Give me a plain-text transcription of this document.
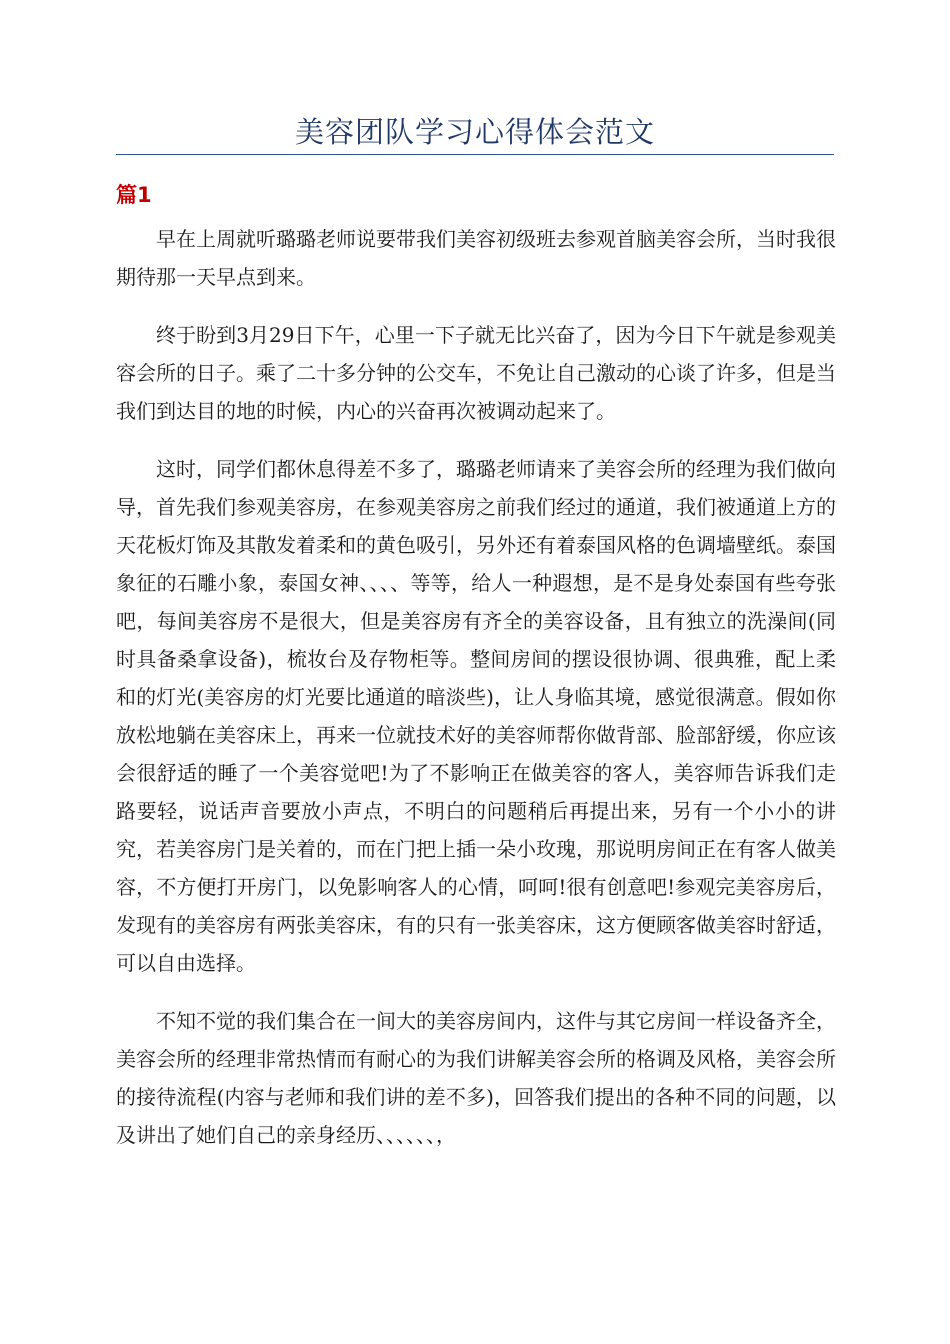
美容团队学习心得体会范文
篇1

早在上周就听璐璐老师说要带我们美容初级班去参观首脑美容会所，当时我很期待那一天早点到来。

终于盼到3月29日下午，心里一下子就无比兴奋了，因为今日下午就是参观美容会所的日子。乘了二十多分钟的公交车，不免让自己激动的心谈了许多，但是当我们到达目的地的时候，内心的兴奋再次被调动起来了。

这时，同学们都休息得差不多了，璐璐老师请来了美容会所的经理为我们做向导，首先我们参观美容房，在参观美容房之前我们经过的通道，我们被通道上方的天花板灯饰及其散发着柔和的黄色吸引，另外还有着泰国风格的色调墙壁纸。泰国象征的石雕小象，泰国女神、、、、等等，给人一种遐想，是不是身处泰国有些夸张吧，每间美容房不是很大，但是美容房有齐全的美容设备，且有独立的洗澡间(同时具备桑拿设备)，梳妆台及存物柜等。整间房间的摆设很协调、很典雅，配上柔和的灯光(美容房的灯光要比通道的暗淡些)，让人身临其境，感觉很满意。假如你放松地躺在美容床上，再来一位就技术好的美容师帮你做背部、脸部舒缓，你应该会很舒适的睡了一个美容觉吧!为了不影响正在做美容的客人，美容师告诉我们走路要轻，说话声音要放小声点，不明白的问题稍后再提出来，另有一个小小的讲究，若美容房门是关着的，而在门把上插一朵小玫瑰，那说明房间正在有客人做美容，不方便打开房门，以免影响客人的心情，呵呵!很有创意吧!参观完美容房后，发现有的美容房有两张美容床，有的只有一张美容床，这方便顾客做美容时舒适，可以自由选择。

不知不觉的我们集合在一间大的美容房间内，这件与其它房间一样设备齐全，美容会所的经理非常热情而有耐心的为我们讲解美容会所的格调及风格，美容会所的接待流程(内容与老师和我们讲的差不多)，回答我们提出的各种不同的问题，以及讲出了她们自己的亲身经历、、、、、、，
